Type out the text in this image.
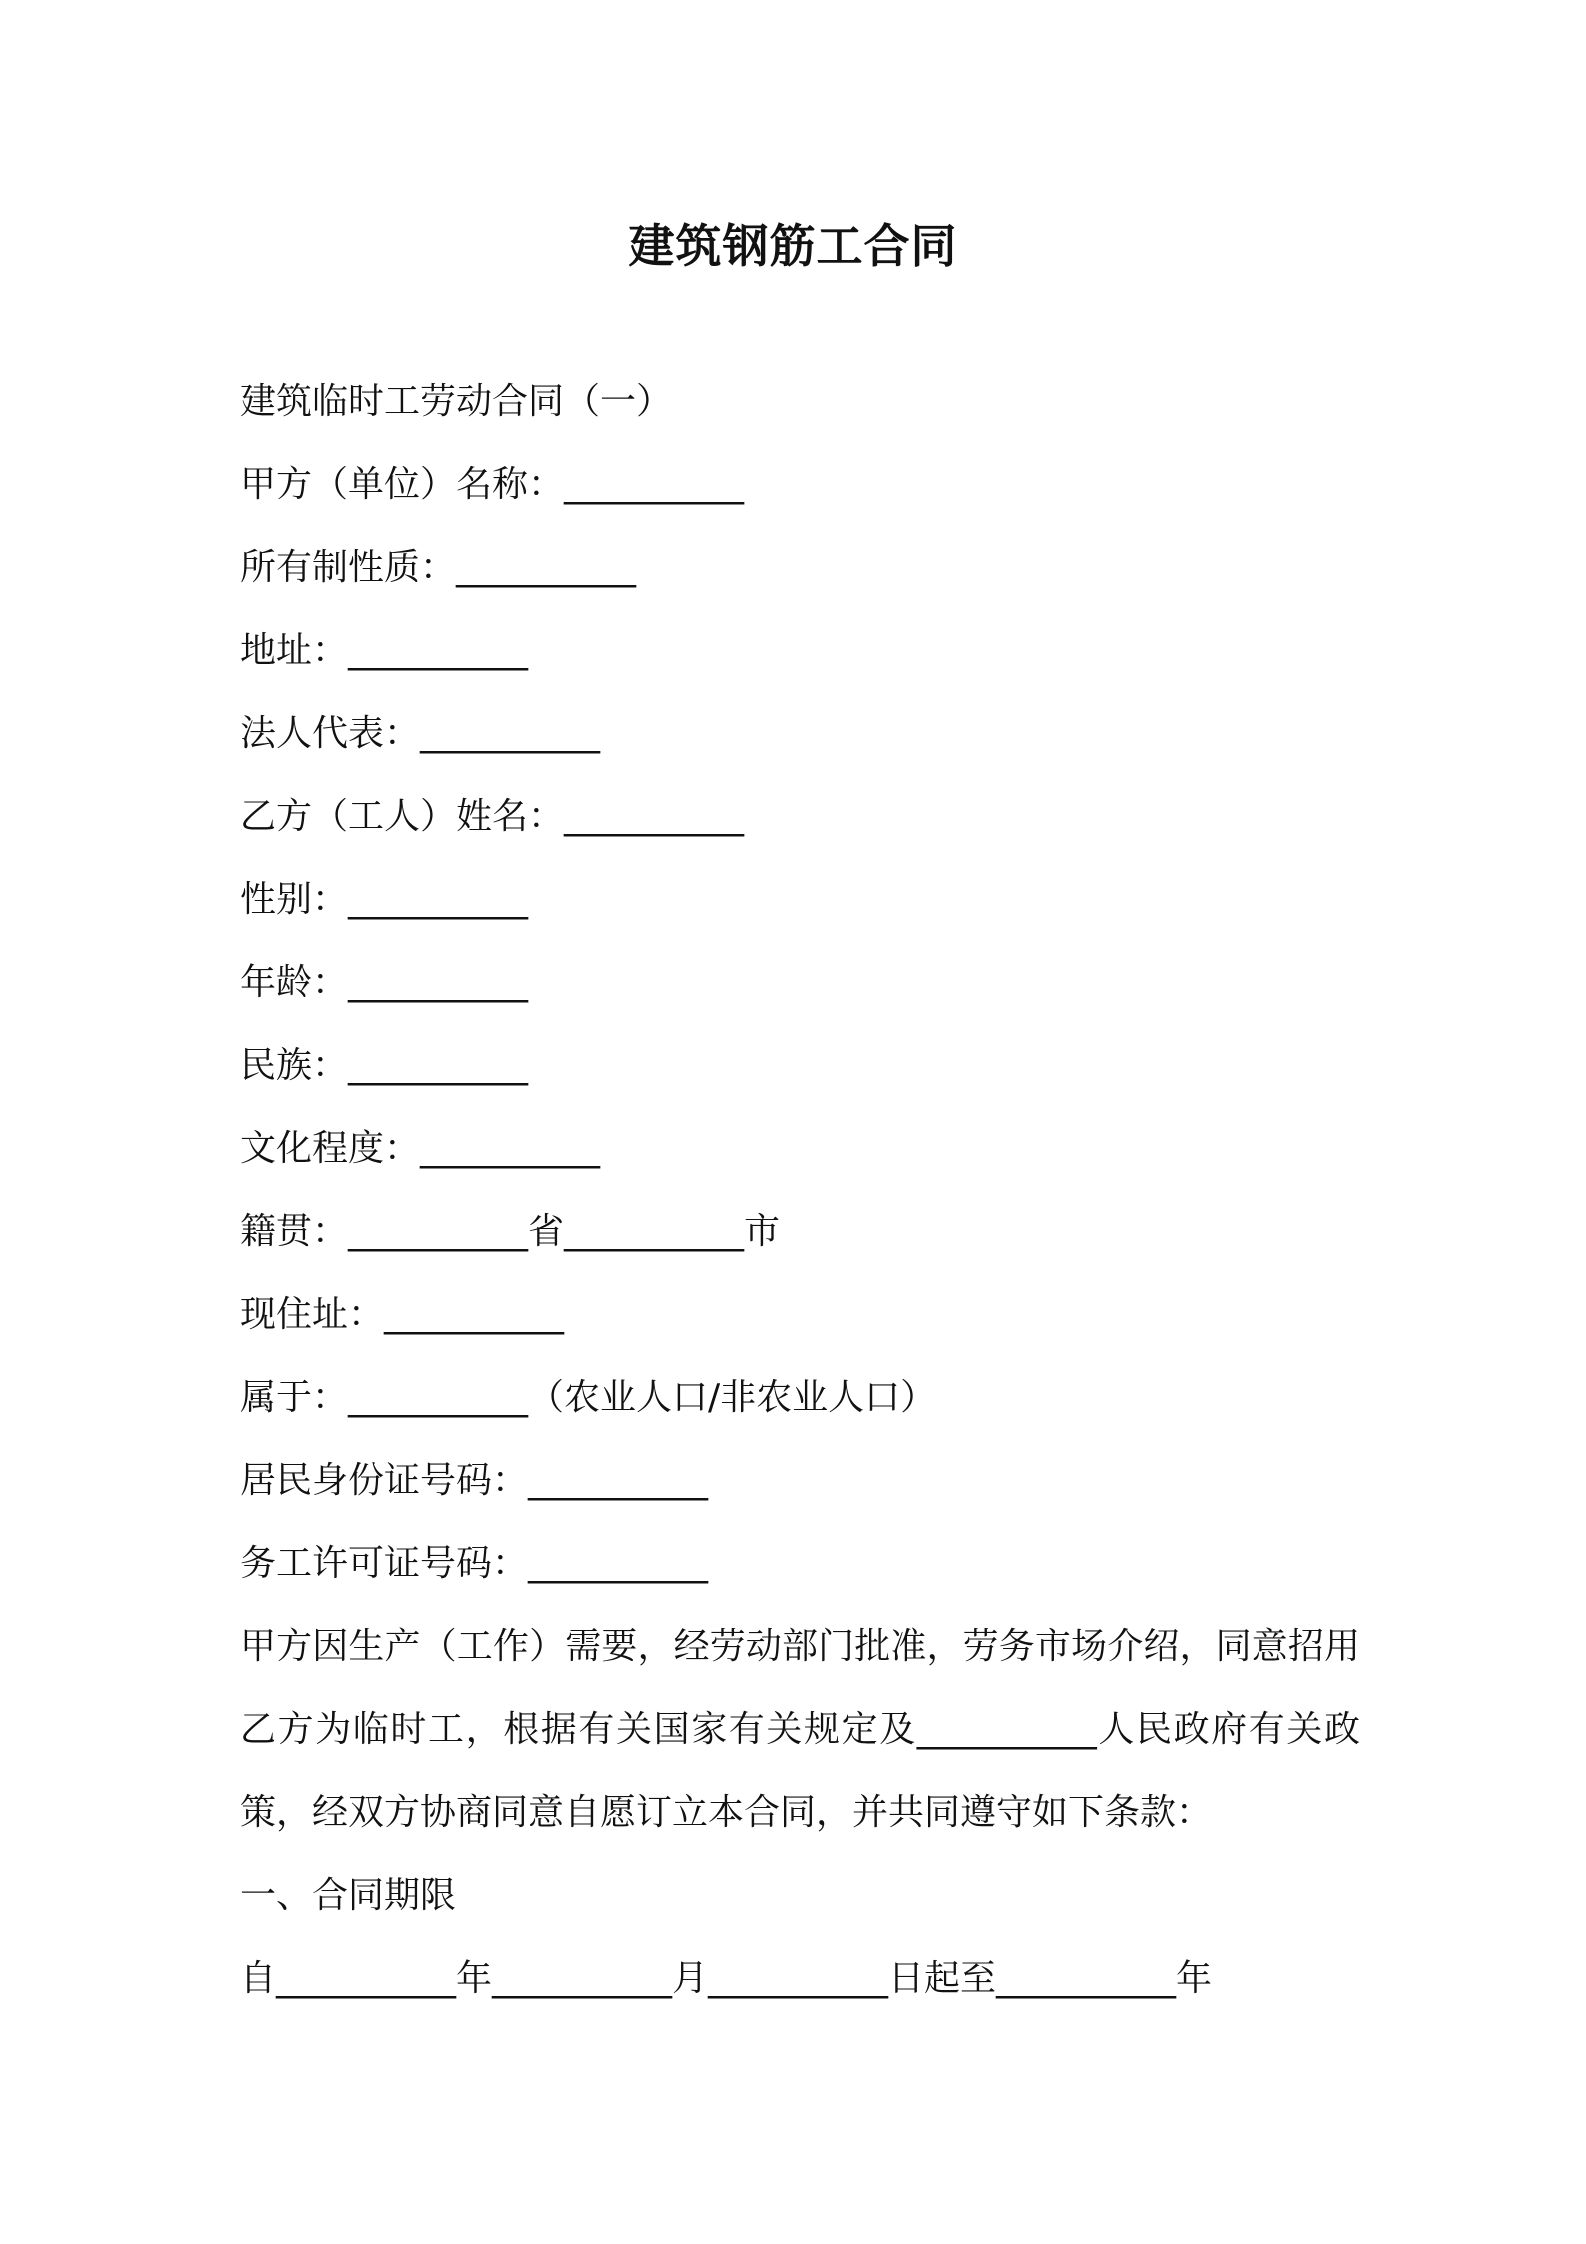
建筑钢筋工合同
建筑临时工劳动合同（一）
甲方（单位）名称：__________
所有制性质：__________
地址：__________
法人代表：__________
乙方（工人）姓名：__________
性别：__________
年龄：__________
民族：__________
文化程度：__________
籍贯：__________省__________市
现住址：__________
属于：__________（农业人口/非农业人口）
居民身份证号码：__________
务工许可证号码：__________
甲方因生产（工作）需要，经劳动部门批准，劳务市场介绍，同意招用乙方为临时工，根据有关国家有关规定及__________人民政府有关政策，经双方协商同意自愿订立本合同，并共同遵守如下条款：
一、合同期限
自__________年__________月__________日起至__________年
